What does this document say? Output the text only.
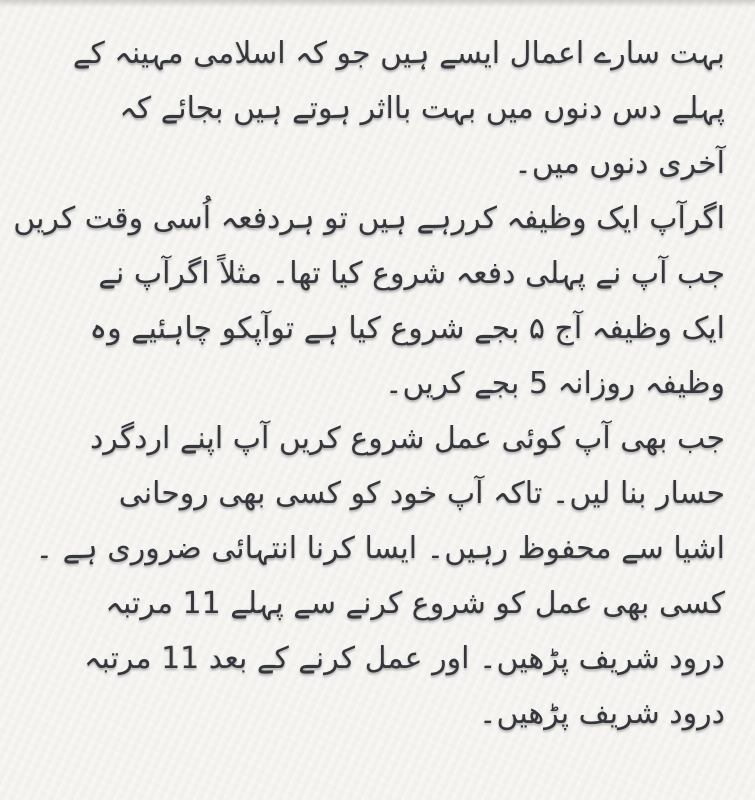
بہت سارے اعمال ایسے ہیں جو کہ اسلامی مہینہ کے
پہلے دس دنوں میں بہت بااثر ہوتے ہیں بجائے کہ
آخری دنوں میں۔
اگرآپ ایک وظیفہ کررہے ہیں تو ہردفعہ اُسی وقت کریں
جب آپ نے پہلی دفعہ شروع کیا تھا۔ مثلاً اگرآپ نے
ایک وظیفہ آج ۵ بجے شروع کیا ہے توآپکو چاہئیے وہ
وظیفہ روزانہ 5 بجے کریں۔
جب بھی آپ کوئی عمل شروع کریں آپ اپنے اردگرد
حسار بنا لیں۔ تاکہ آپ خود کو کسی بھی روحانی
اشیا سے محفوظ رہیں۔ ایسا کرنا انتہائی ضروری ہے ۔
کسی بھی عمل کو شروع کرنے سے پہلے 11 مرتبہ
درود شریف پڑھیں۔ اور عمل کرنے کے بعد 11 مرتبہ
درود شریف پڑھیں۔
